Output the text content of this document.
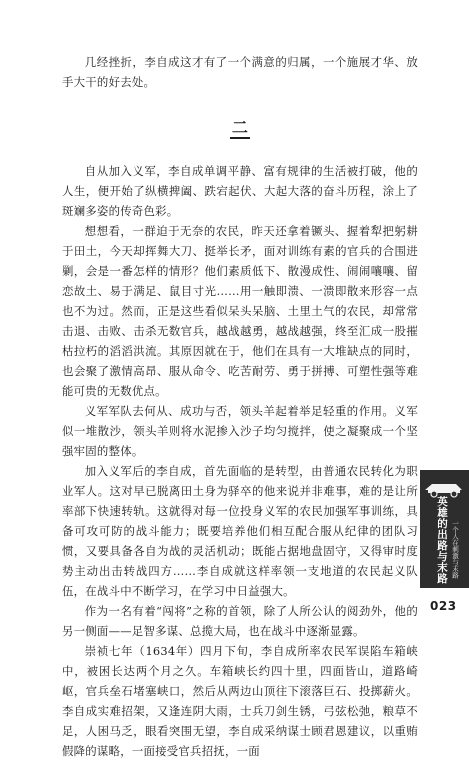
几经挫折，李自成这才有了一个满意的归属，一个施展才华、放手大干的好去处。

二

自从加入义军，李自成单调平静、富有规律的生活被打破，他的人生，便开始了纵横捭阖、跌宕起伏、大起大落的奋斗历程，涂上了斑斓多姿的传奇色彩。

想想看，一群迫于无奈的农民，昨天还拿着镢头、握着犁把躬耕于田土，今天却挥舞大刀、挺举长矛，面对训练有素的官兵的合围进剿，会是一番怎样的情形？他们素质低下、散漫成性、闹闹嚷嚷、留恋故土、易于满足、鼠目寸光……用一触即溃、一溃即散来形容一点也不为过。然而，正是这些看似呆头呆脑、土里土气的农民，却常常击退、击败、击杀无数官兵，越战越勇，越战越强，终至汇成一股摧枯拉朽的滔滔洪流。其原因就在于，他们在具有一大堆缺点的同时，也会聚了激情高昂、服从命令、吃苦耐劳、勇于拼搏、可塑性强等难能可贵的无数优点。

义军军队去何从、成功与否，领头羊起着举足轻重的作用。义军似一堆散沙，领头羊则将水泥掺入沙子均匀搅拌，使之凝聚成一个坚强牢固的整体。

加入义军后的李自成，首先面临的是转型，由普通农民转化为职业军人。这对早已脱离田土身为驿卒的他来说并非难事，难的是让所率部下快速转轨。这就得对每一位投身义军的农民加强军事训练，具备可攻可防的战斗能力；既要培养他们相互配合服从纪律的团队习惯，又要具备各自为战的灵活机动；既能占据地盘固守，又得审时度势主动出击转战四方……李自成就这样率领一支地道的农民起义队伍，在战斗中不断学习，在学习中日益强大。

作为一名有着“闯将”之称的首领，除了人所公认的阅劲外，他的另一侧面——足智多谋、总揽大局，也在战斗中逐渐显露。

崇祯七年（1634年）四月下旬，李自成所率农民军误陷车箱峡中，被困长达两个月之久。车箱峡长约四十里，四面皆山，道路崎岖，官兵垒石堵塞峡口，然后从两边山顶往下滚落巨石、投掷薪火。李自成实难招架，又逢连阴大雨，士兵刀剑生锈，弓弦松弛，粮草不足，人困马乏，眼看突围无望，李自成采纳谋士顾君恩建议，以重贿假降的谋略，一面接受官兵招抚，一面

英雄的出路与末路 一个人在刺激与末路
023
